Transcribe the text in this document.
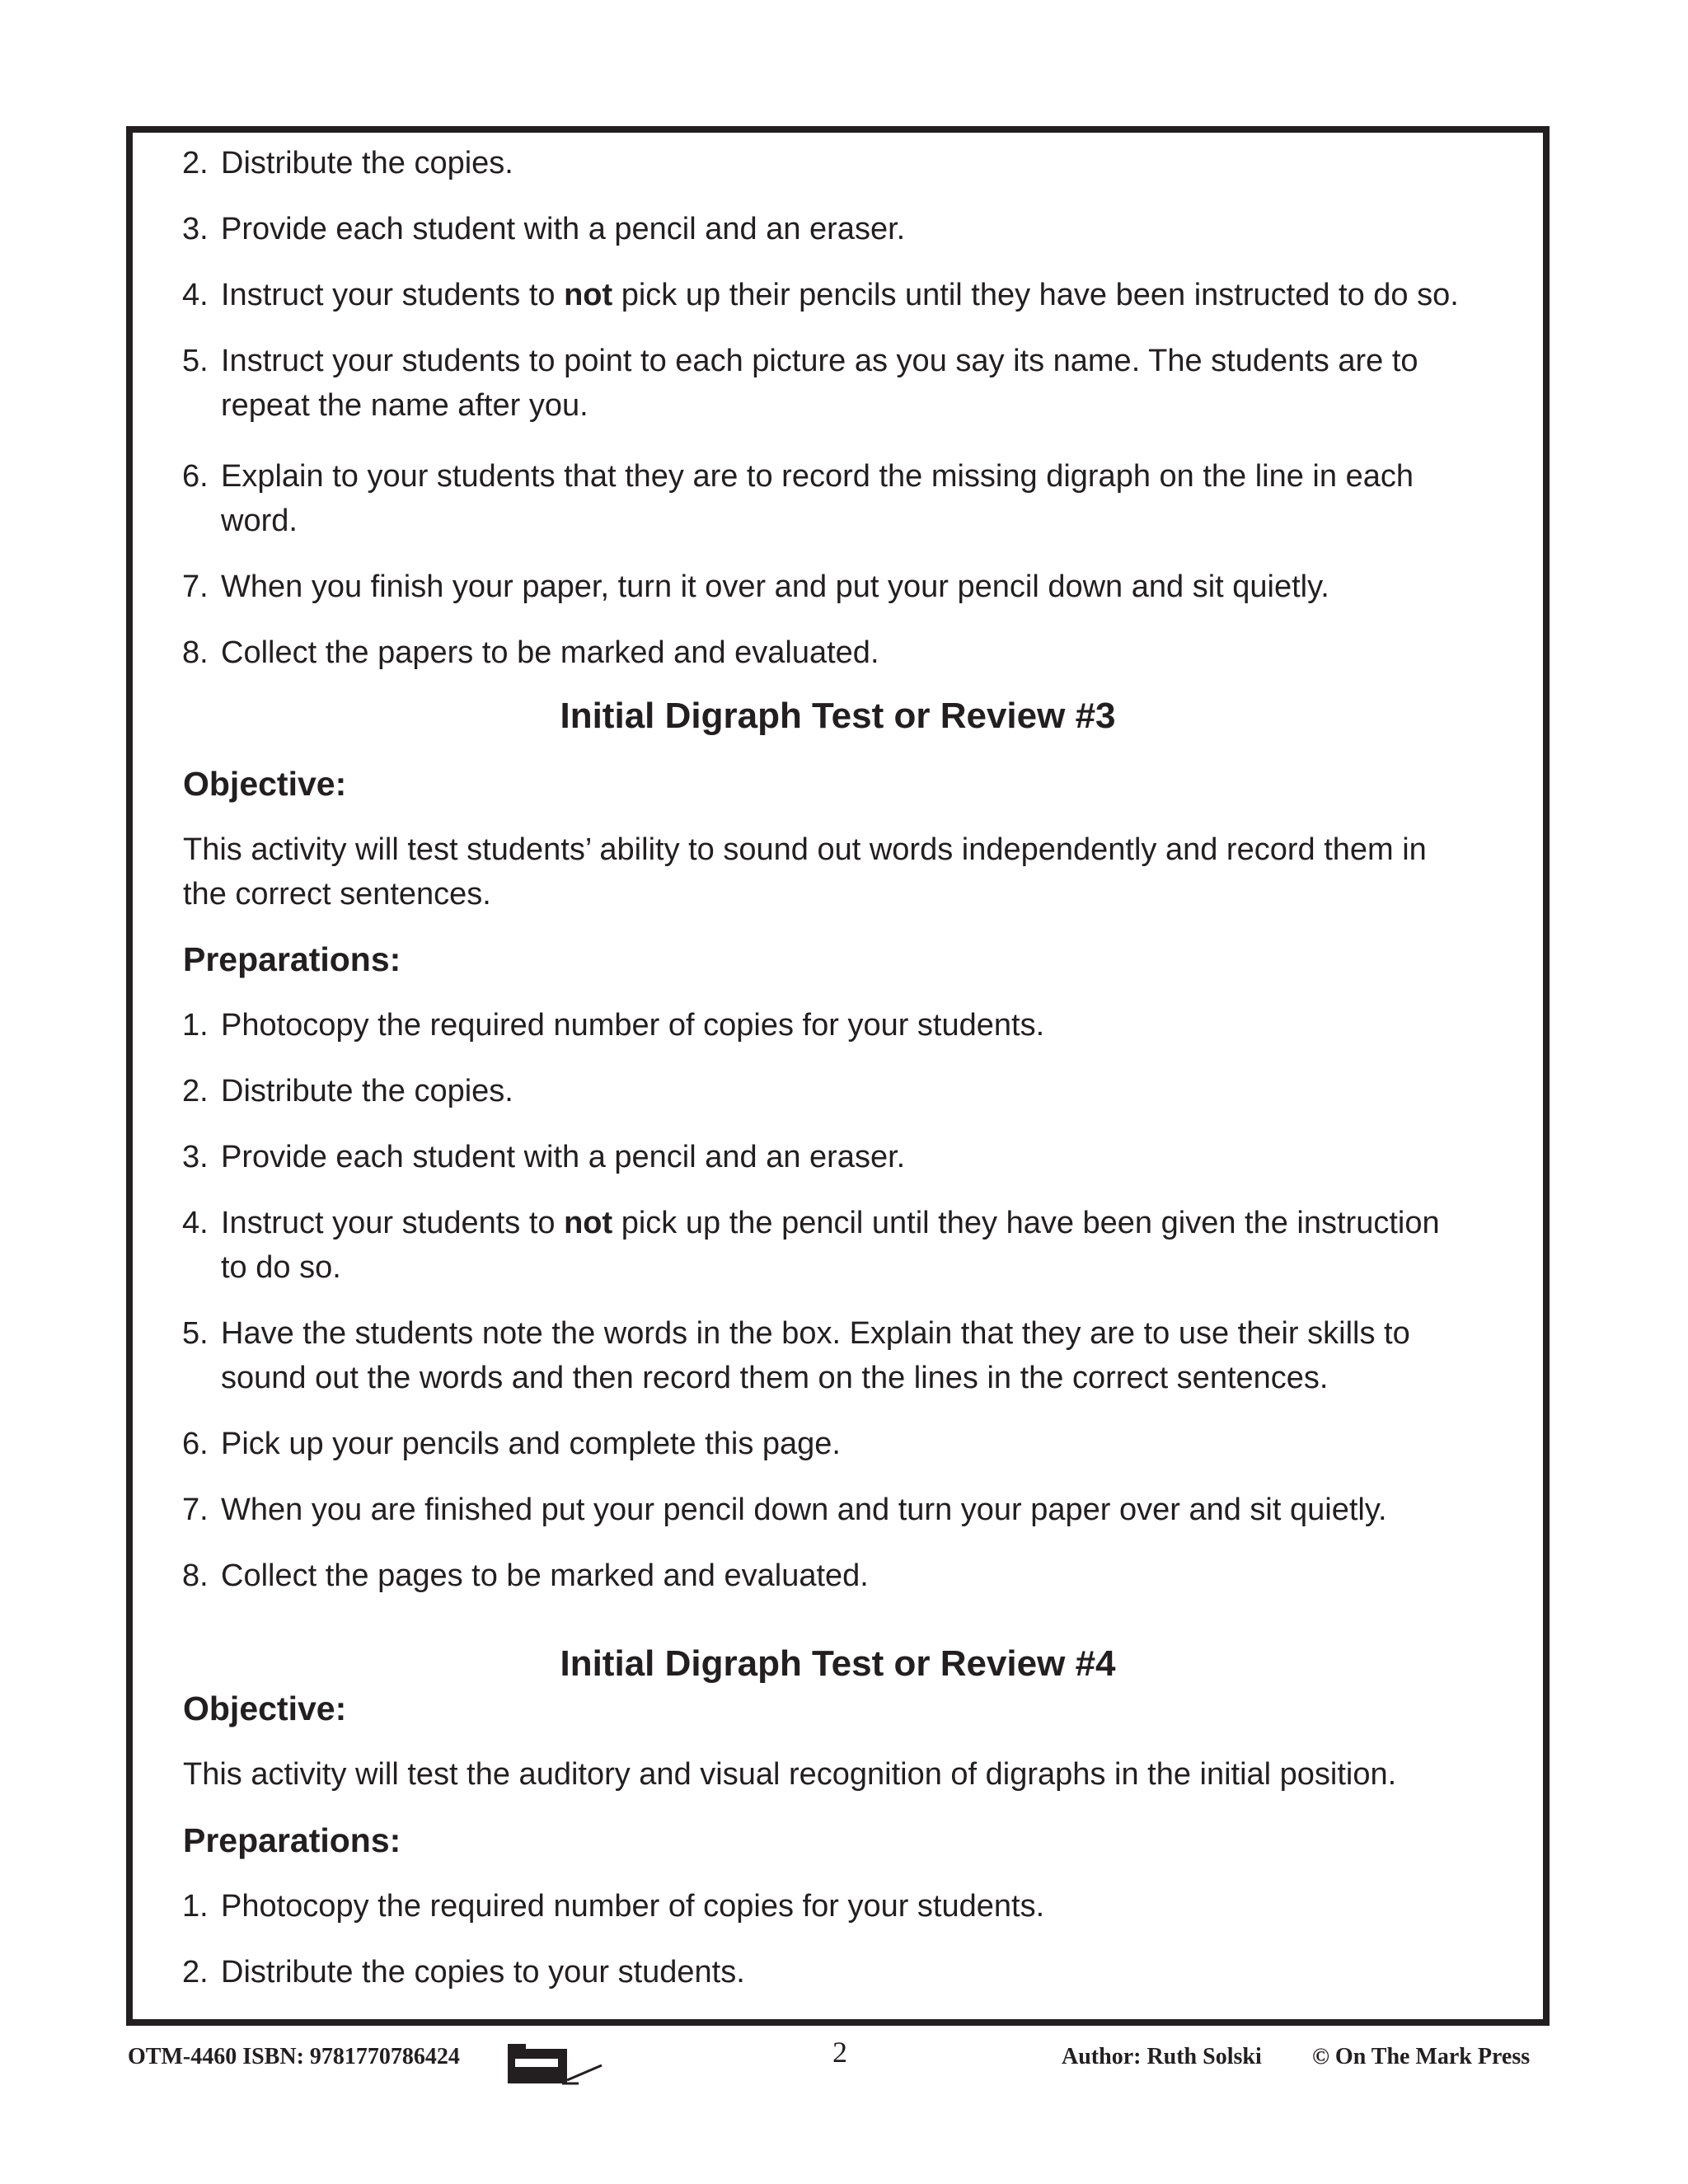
2. Distribute the copies.

3. Provide each student with a pencil and an eraser.

4. Instruct your students to not pick up their pencils until they have been instructed to do so.

5. Instruct your students to point to each picture as you say its name. The students are to

repeat the name after you.

6. Explain to your students that they are to record the missing digraph on the line in each

word.

7. When you finish your paper, turn it over and put your pencil down and sit quietly.

8. Collect the papers to be marked and evaluated.

Initial Digraph Test or Review #3

Objective:

This activity will test students’ ability to sound out words independently and record them in

the correct sentences.

Preparations:

1. Photocopy the required number of copies for your students.

2. Distribute the copies.

3. Provide each student with a pencil and an eraser.

4. Instruct your students to not pick up the pencil until they have been given the instruction

to do so.

5. Have the students note the words in the box. Explain that they are to use their skills to

sound out the words and then record them on the lines in the correct sentences.

6. Pick up your pencils and complete this page.

7. When you are finished put your pencil down and turn your paper over and sit quietly.

8. Collect the pages to be marked and evaluated.

Initial Digraph Test or Review #4

Objective:

This activity will test the auditory and visual recognition of digraphs in the initial position.

Preparations:

1. Photocopy the required number of copies for your students.

2. Distribute the copies to your students.

OTM-4460 ISBN: 9781770786424	2	Author: Ruth Solski © On The Mark Press
